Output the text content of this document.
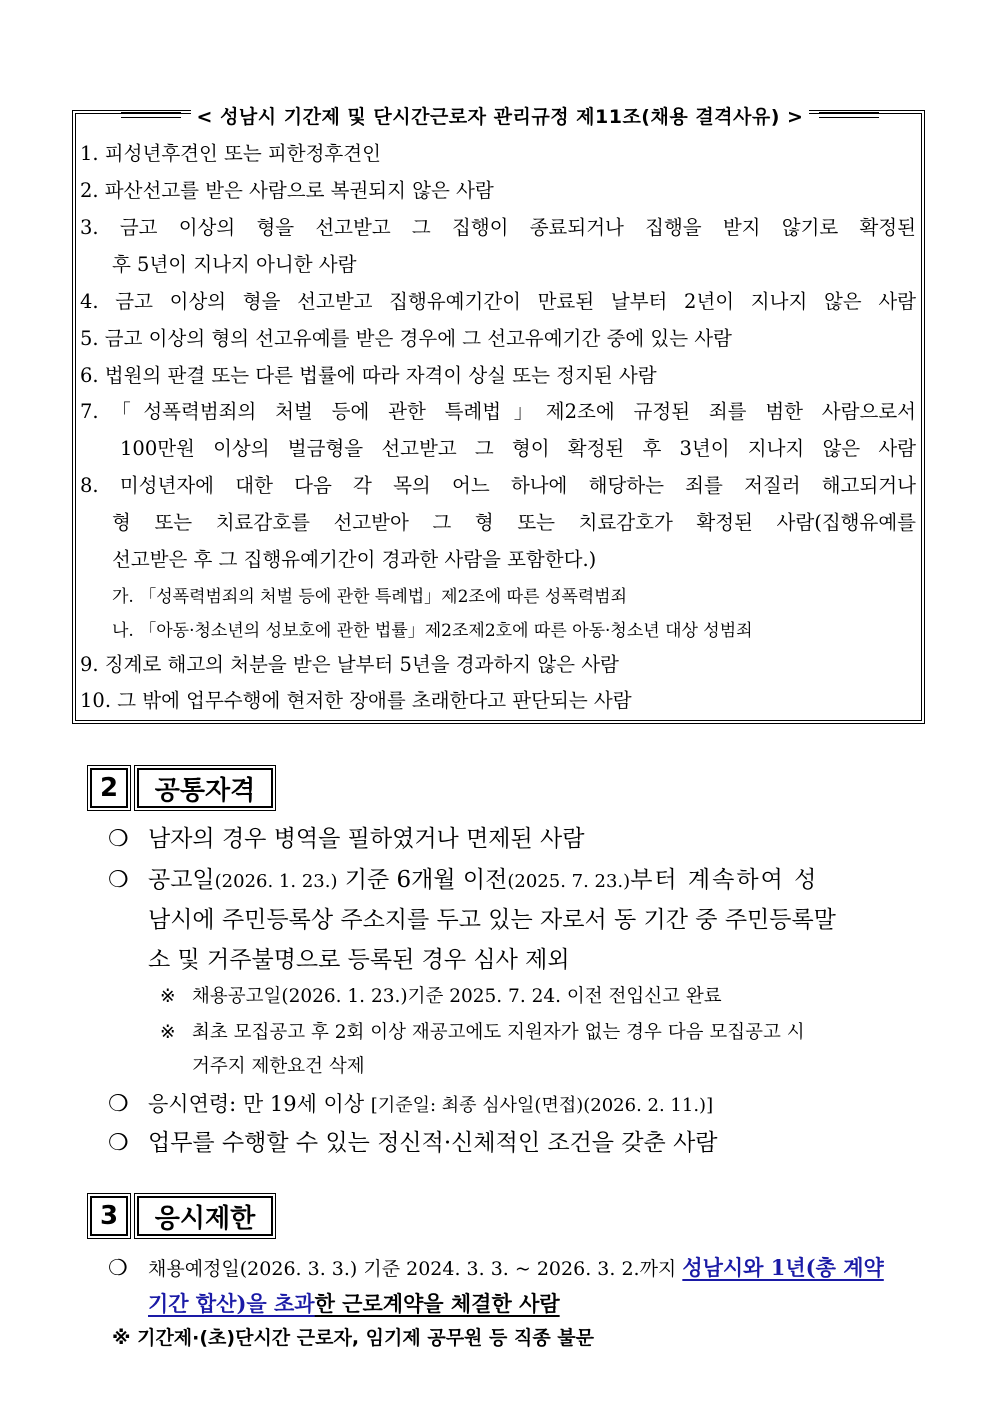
< 성남시 기간제 및 단시간근로자 관리규정 제11조(채용 결격사유) >
1. 피성년후견인 또는 피한정후견인
2. 파산선고를 받은 사람으로 복권되지 않은 사람
3. 금고 이상의 형을 선고받고 그 집행이 종료되거나 집행을 받지 않기로 확정된
후 5년이 지나지 아니한 사람
4. 금고 이상의 형을 선고받고 집행유예기간이 만료된 날부터 2년이 지나지 않은 사람
5. 금고 이상의 형의 선고유예를 받은 경우에 그 선고유예기간 중에 있는 사람
6. 법원의 판결 또는 다른 법률에 따라 자격이 상실 또는 정지된 사람
7.「성폭력범죄의 처벌 등에 관한 특례법」제2조에 규정된 죄를 범한 사람으로서
100만원 이상의 벌금형을 선고받고 그 형이 확정된 후 3년이 지나지 않은 사람
8. 미성년자에 대한 다음 각 목의 어느 하나에 해당하는 죄를 저질러 해고되거나
형 또는 치료감호를 선고받아 그 형 또는 치료감호가 확정된 사람(집행유예를
선고받은 후 그 집행유예기간이 경과한 사람을 포함한다.)
가. 「성폭력범죄의 처벌 등에 관한 특례법」제2조에 따른 성폭력범죄
나. 「아동·청소년의 성보호에 관한 법률」제2조제2호에 따른 아동·청소년 대상 성범죄
9. 징계로 해고의 처분을 받은 날부터 5년을 경과하지 않은 사람
10. 그 밖에 업무수행에 현저한 장애를 초래한다고 판단되는 사람
2	공통자격
❍ 남자의 경우 병역을 필하였거나 면제된 사람
❍ 공고일(2026. 1. 23.) 기준 6개월 이전(2025. 7. 23.)부터 계속하여 성
남시에 주민등록상 주소지를 두고 있는 자로서 동 기간 중 주민등록말
소 및 거주불명으로 등록된 경우 심사 제외
※ 채용공고일(2026. 1. 23.)기준 2025. 7. 24. 이전 전입신고 완료
※ 최초 모집공고 후 2회 이상 재공고에도 지원자가 없는 경우 다음 모집공고 시
거주지 제한요건 삭제
❍ 응시연령: 만 19세 이상 [기준일: 최종 심사일(면접)(2026. 2. 11.)]
❍ 업무를 수행할 수 있는 정신적·신체적인 조건을 갖춘 사람
3	응시제한
❍ 채용예정일(2026. 3. 3.) 기준 2024. 3. 3. ~ 2026. 3. 2.까지 성남시와 1년(총 계약
기간 합산)을 초과한 근로계약을 체결한 사람
※ 기간제·(초)단시간 근로자, 임기제 공무원 등 직종 불문
